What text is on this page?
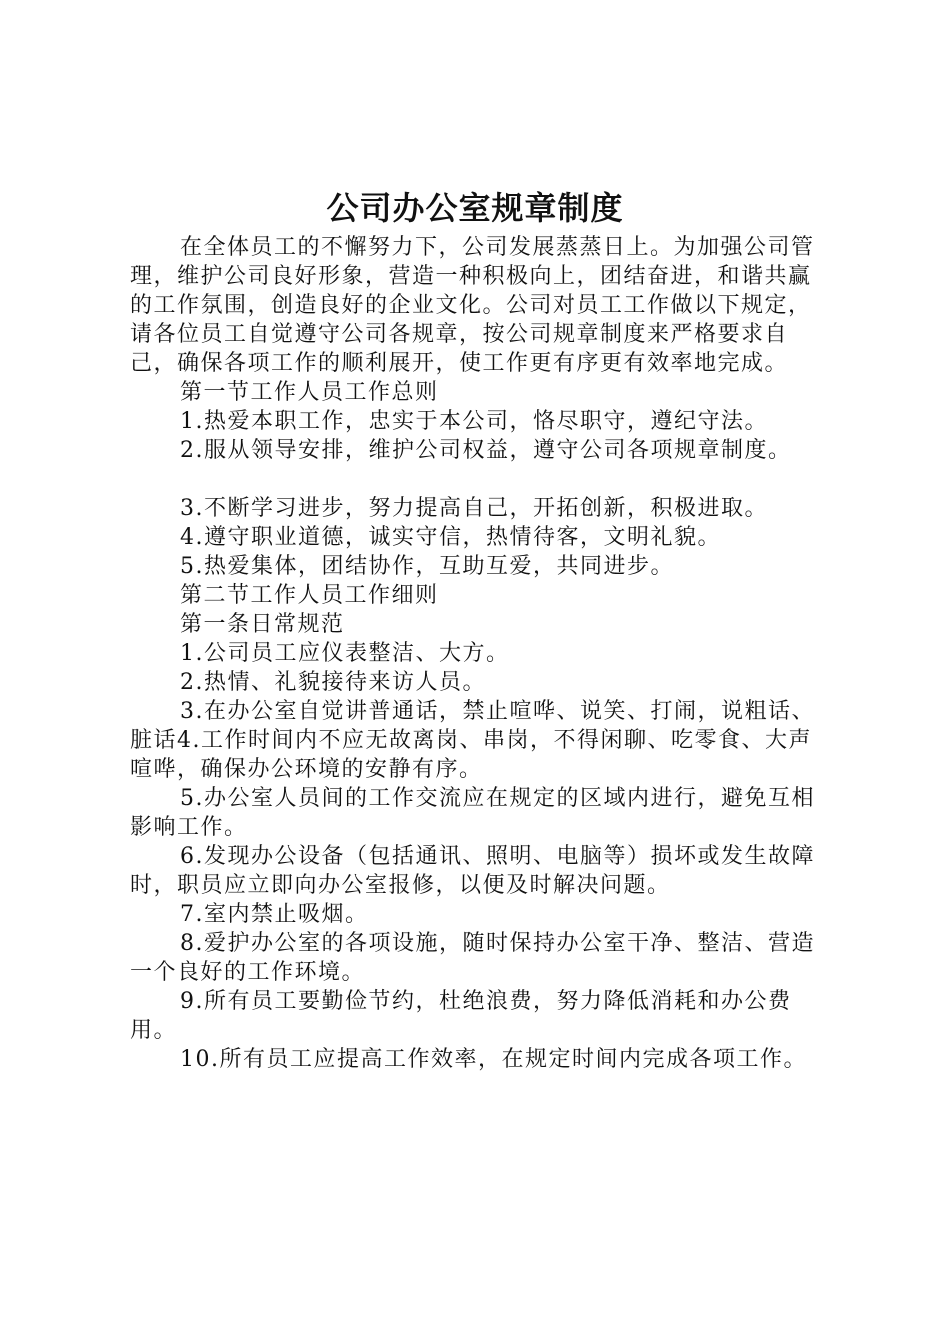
公司办公室规章制度

在全体员工的不懈努力下，公司发展蒸蒸日上。为加强公司管理，维护公司良好形象，营造一种积极向上，团结奋进，和谐共赢的工作氛围，创造良好的企业文化。公司对员工工作做以下规定，请各位员工自觉遵守公司各规章，按公司规章制度来严格要求自己，确保各项工作的顺利展开，使工作更有序更有效率地完成。

第一节工作人员工作总则

1.热爱本职工作，忠实于本公司，恪尽职守，遵纪守法。

2.服从领导安排，维护公司权益，遵守公司各项规章制度。

3.不断学习进步，努力提高自己，开拓创新，积极进取。

4.遵守职业道德，诚实守信，热情待客，文明礼貌。

5.热爱集体，团结协作，互助互爱，共同进步。

第二节工作人员工作细则

第一条日常规范

1.公司员工应仪表整洁、大方。

2.热情、礼貌接待来访人员。

3.在办公室自觉讲普通话，禁止喧哗、说笑、打闹，说粗话、脏话4.工作时间内不应无故离岗、串岗，不得闲聊、吃零食、大声喧哗，确保办公环境的安静有序。

5.办公室人员间的工作交流应在规定的区域内进行，避免互相影响工作。

6.发现办公设备（包括通讯、照明、电脑等）损坏或发生故障时，职员应立即向办公室报修，以便及时解决问题。

7.室内禁止吸烟。

8.爱护办公室的各项设施，随时保持办公室干净、整洁、营造一个良好的工作环境。

9.所有员工要勤俭节约，杜绝浪费，努力降低消耗和办公费用。

10.所有员工应提高工作效率，在规定时间内完成各项工作。
